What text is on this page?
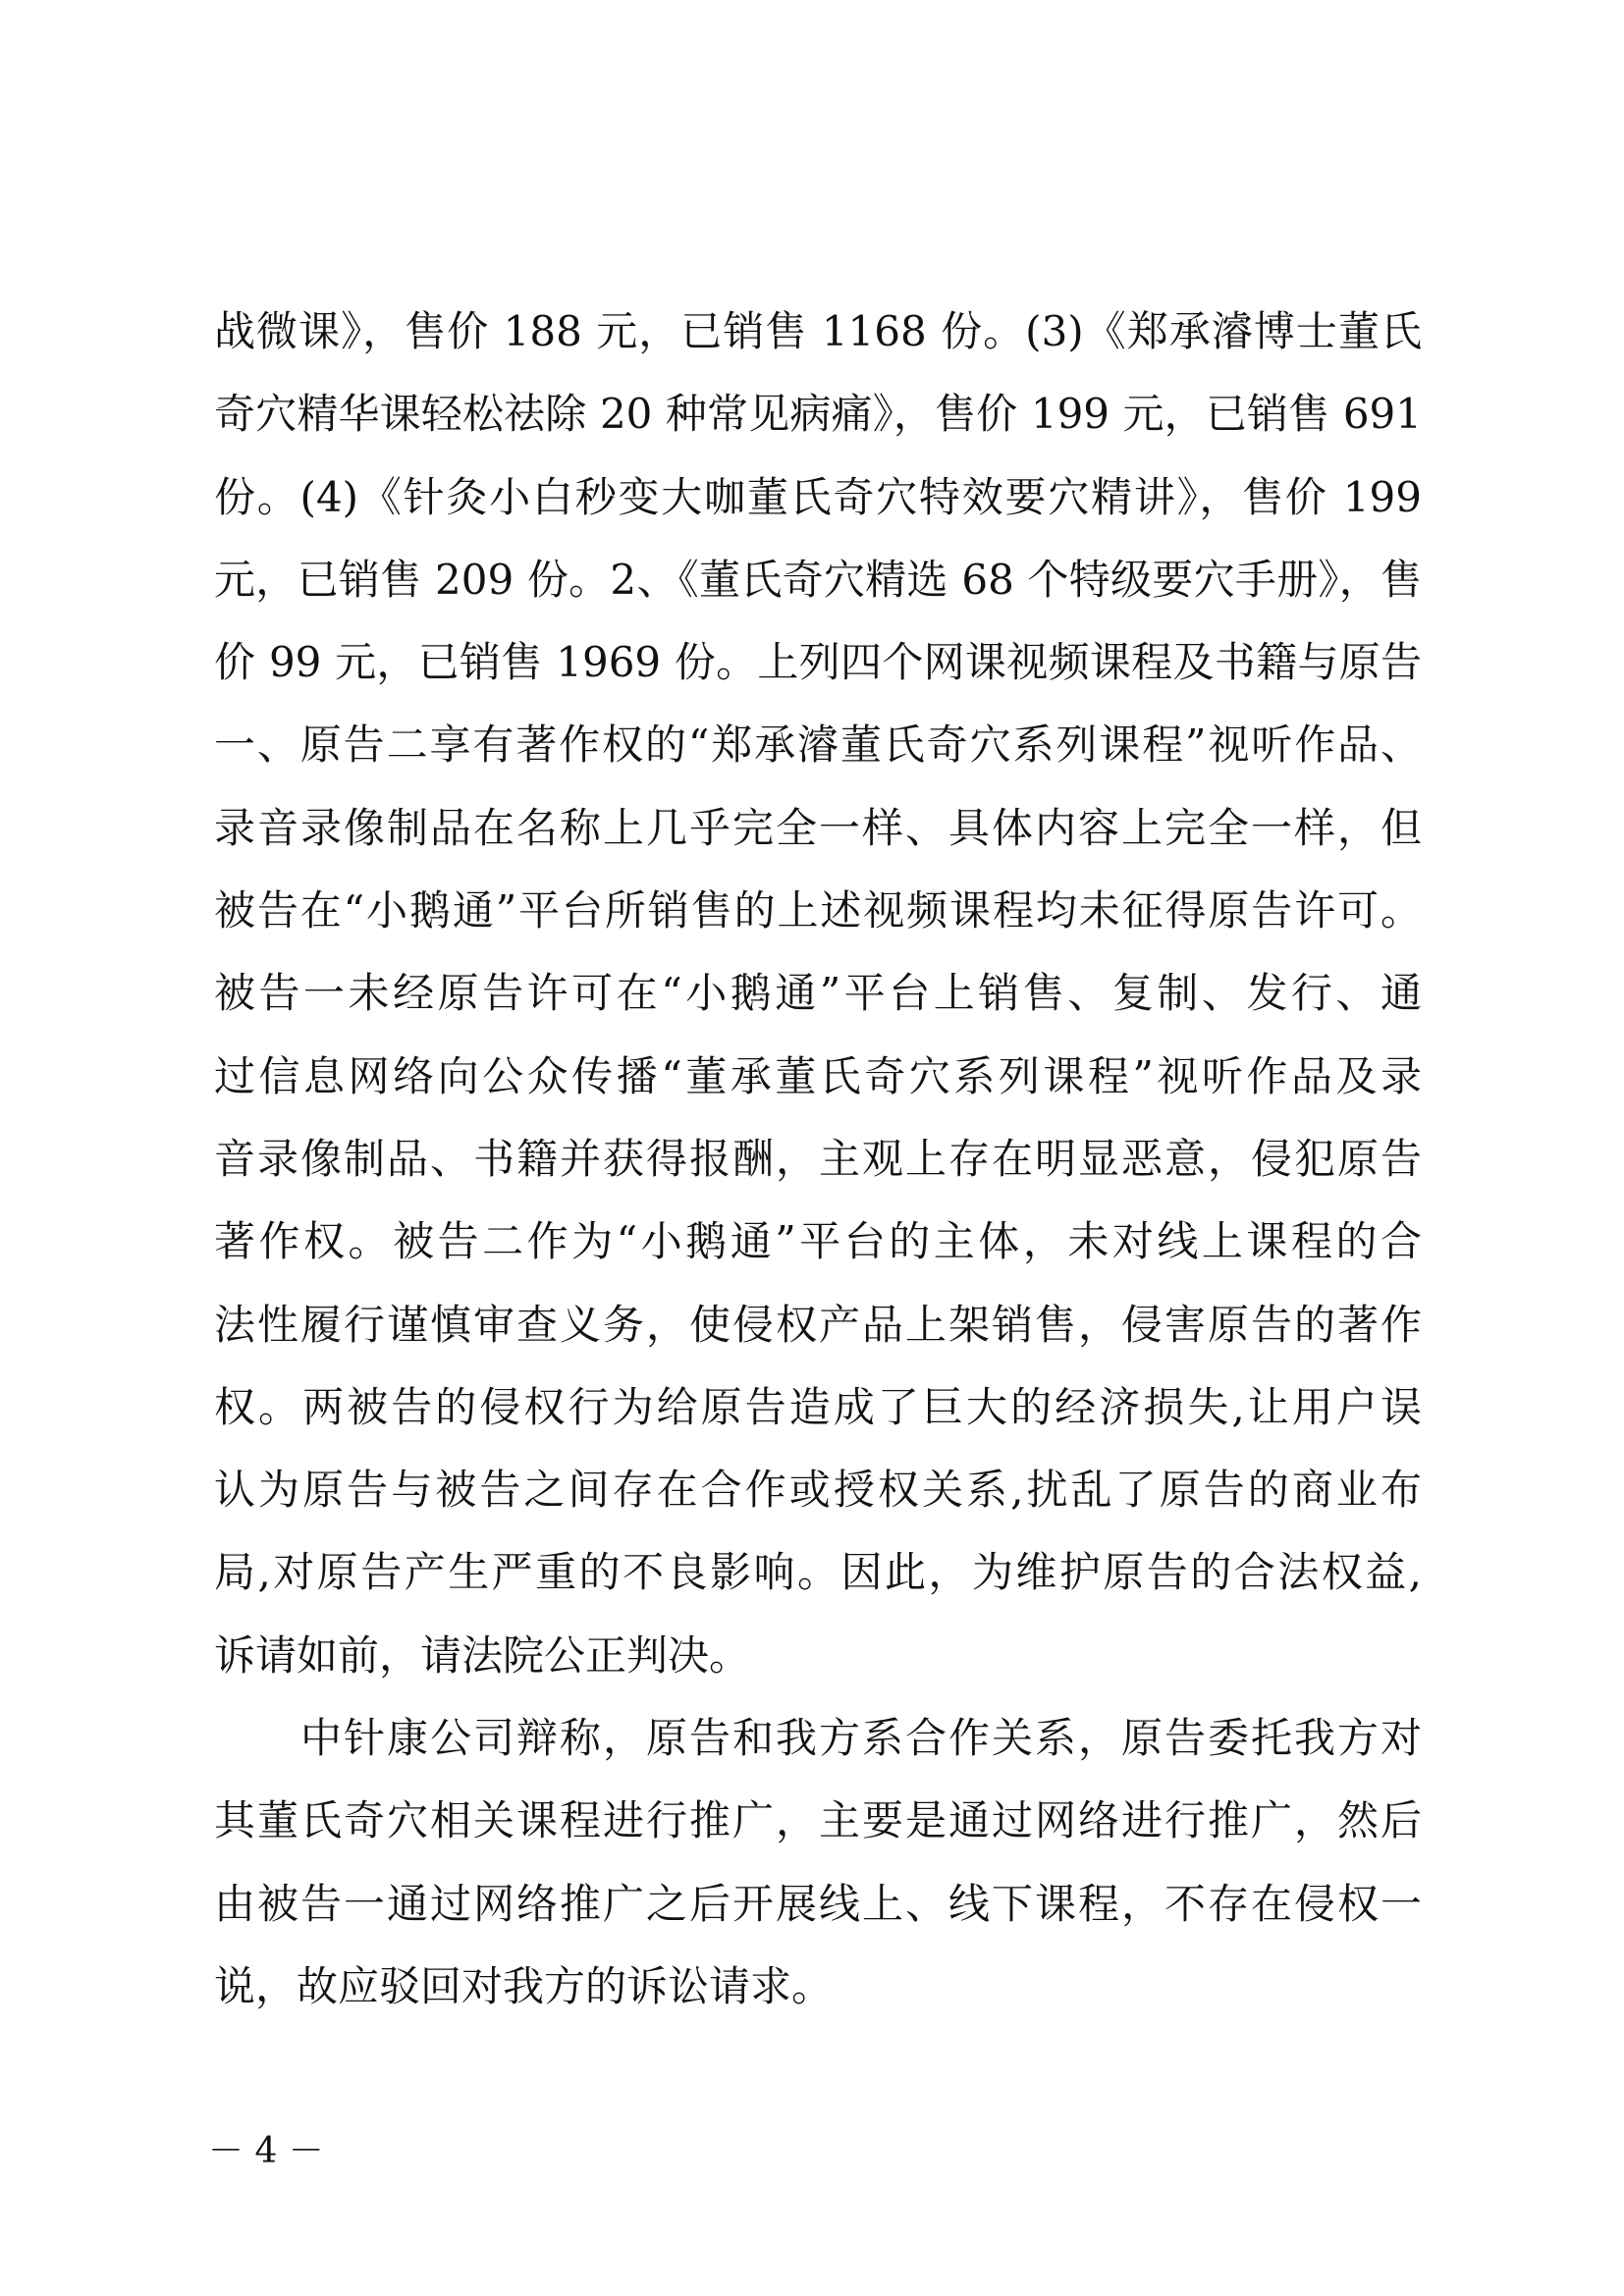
战微课》，售价 188 元，已销售 1168 份。(3)《郑承濬博士董氏
奇穴精华课轻松祛除 20 种常见病痛》，售价 199 元，已销售 691
份。(4)《针灸小白秒变大咖董氏奇穴特效要穴精讲》，售价 199
元，已销售 209 份。2、《董氏奇穴精选 68 个特级要穴手册》，售
价 99 元，已销售 1969 份。上列四个网课视频课程及书籍与原告
一、原告二享有著作权的“郑承濬董氏奇穴系列课程”视听作品、
录音录像制品在名称上几乎完全一样、具体内容上完全一样，但
被告在“小鹅通”平台所销售的上述视频课程均未征得原告许可。
被告一未经原告许可在“小鹅通”平台上销售、复制、发行、通
过信息网络向公众传播“董承董氏奇穴系列课程”视听作品及录
音录像制品、书籍并获得报酬，主观上存在明显恶意，侵犯原告
著作权。被告二作为“小鹅通”平台的主体，未对线上课程的合
法性履行谨慎审查义务，使侵权产品上架销售，侵害原告的著作
权。两被告的侵权行为给原告造成了巨大的经济损失,让用户误
认为原告与被告之间存在合作或授权关系,扰乱了原告的商业布
局,对原告产生严重的不良影响。因此，为维护原告的合法权益,
诉请如前，请法院公正判决。
　　中针康公司辩称，原告和我方系合作关系，原告委托我方对
其董氏奇穴相关课程进行推广，主要是通过网络进行推广，然后
由被告一通过网络推广之后开展线上、线下课程，不存在侵权一
说，故应驳回对我方的诉讼请求。
－ 4 －
